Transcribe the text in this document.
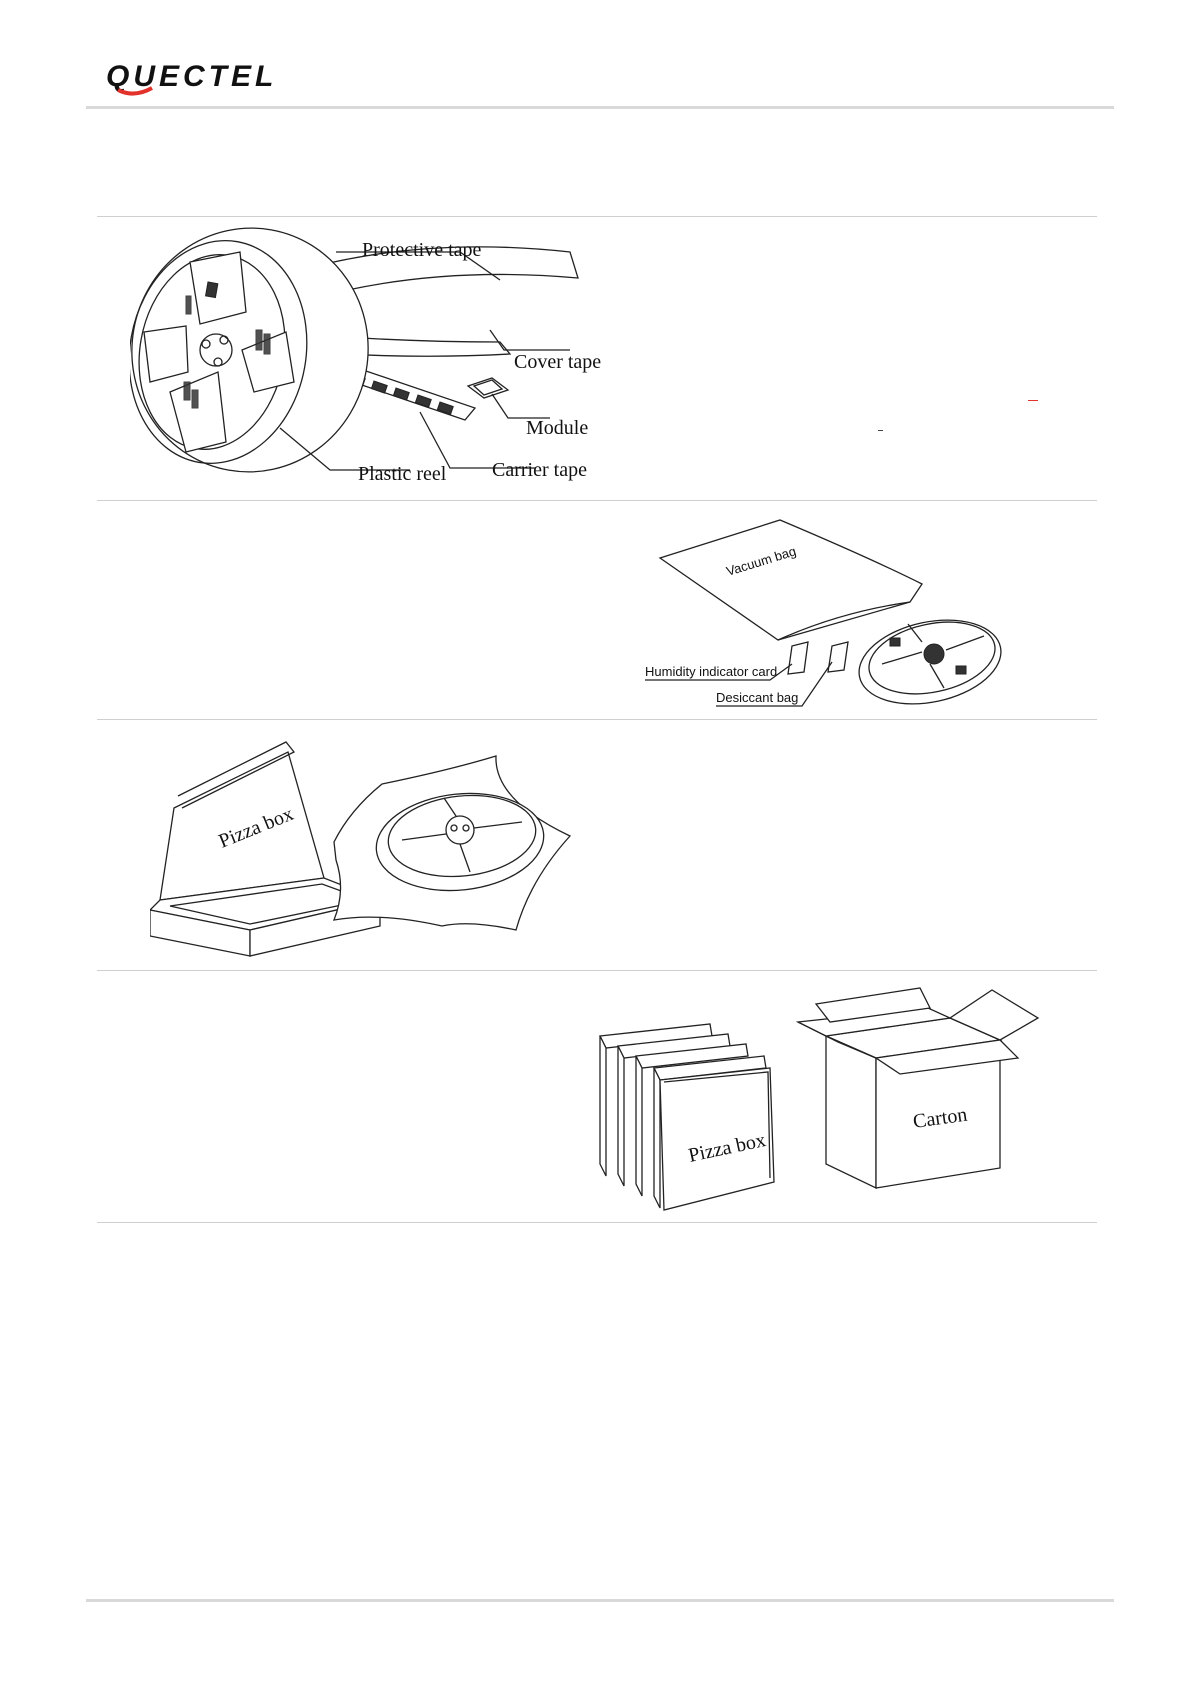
QUECTEL
Protective tape
Cover tape
Module
Carrier tape
Plastic reel
Vacuum bag
Humidity indicator card
Desiccant bag
Pizza box
Pizza box
Carton
